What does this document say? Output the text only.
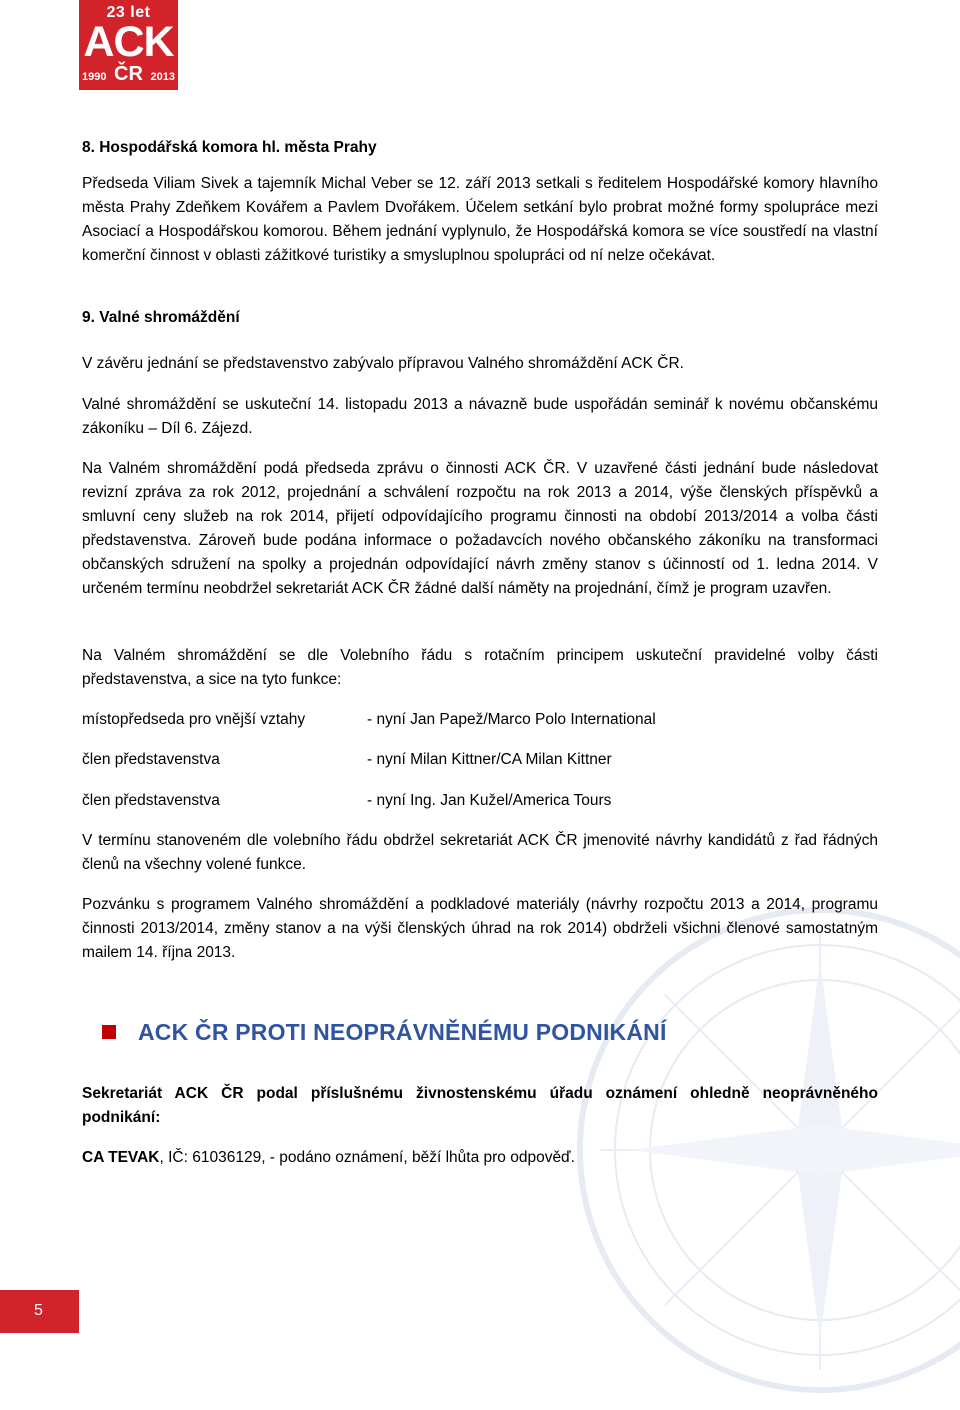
23 let
ACK
1990 ČR 2013
8. Hospodářská komora hl. města Prahy
Předseda Viliam Sivek a tajemník Michal Veber se 12. září 2013 setkali s ředitelem Hospodářské komory hlavního města Prahy Zdeňkem Kovářem a Pavlem Dvořákem. Účelem setkání bylo probrat možné formy spolupráce mezi Asociací a Hospodářskou komorou. Během jednání vyplynulo, že Hospodářská komora se více soustředí na vlastní komerční činnost v oblasti zážitkové turistiky a smysluplnou spolupráci od ní nelze očekávat.
9. Valné shromáždění
V závěru jednání se představenstvo zabývalo přípravou Valného shromáždění ACK ČR.
Valné shromáždění se uskuteční 14. listopadu 2013 a návazně bude uspořádán seminář k novému občanskému zákoníku – Díl 6. Zájezd.
Na Valném shromáždění podá předseda zprávu o činnosti ACK ČR. V uzavřené části jednání bude následovat revizní zpráva za rok 2012, projednání a schválení rozpočtu na rok 2013 a 2014, výše členských příspěvků a smluvní ceny služeb na rok 2014, přijetí odpovídajícího programu činnosti na období 2013/2014 a volba části představenstva. Zároveň bude podána informace o požadavcích nového občanského zákoníku na transformaci občanských sdružení na spolky a projednán odpovídající návrh změny stanov s účinností od 1. ledna 2014. V určeném termínu neobdržel sekretariát ACK ČR žádné další náměty na projednání, čímž je program uzavřen.
Na Valném shromáždění se dle Volebního řádu s rotačním principem uskuteční pravidelné volby části představenstva, a sice na tyto funkce:
místopředseda pro vnější vztahy	- nyní Jan Papež/Marco Polo International
člen představenstva	- nyní Milan Kittner/CA Milan Kittner
člen představenstva	- nyní Ing. Jan Kužel/America Tours
V termínu stanoveném dle volebního řádu obdržel sekretariát ACK ČR jmenovité návrhy kandidátů z řad řádných členů na všechny volené funkce.
Pozvánku s programem Valného shromáždění a podkladové materiály (návrhy rozpočtu 2013 a 2014, programu činnosti 2013/2014, změny stanov a na výši členských úhrad na rok 2014) obdrželi všichni členové samostatným mailem 14. října 2013.
ACK ČR PROTI NEOPRÁVNĚNÉMU PODNIKÁNÍ
Sekretariát ACK ČR podal příslušnému živnostenskému úřadu oznámení ohledně neoprávněného podnikání:
CA TEVAK, IČ: 61036129, - podáno oznámení, běží lhůta pro odpověď.
5
